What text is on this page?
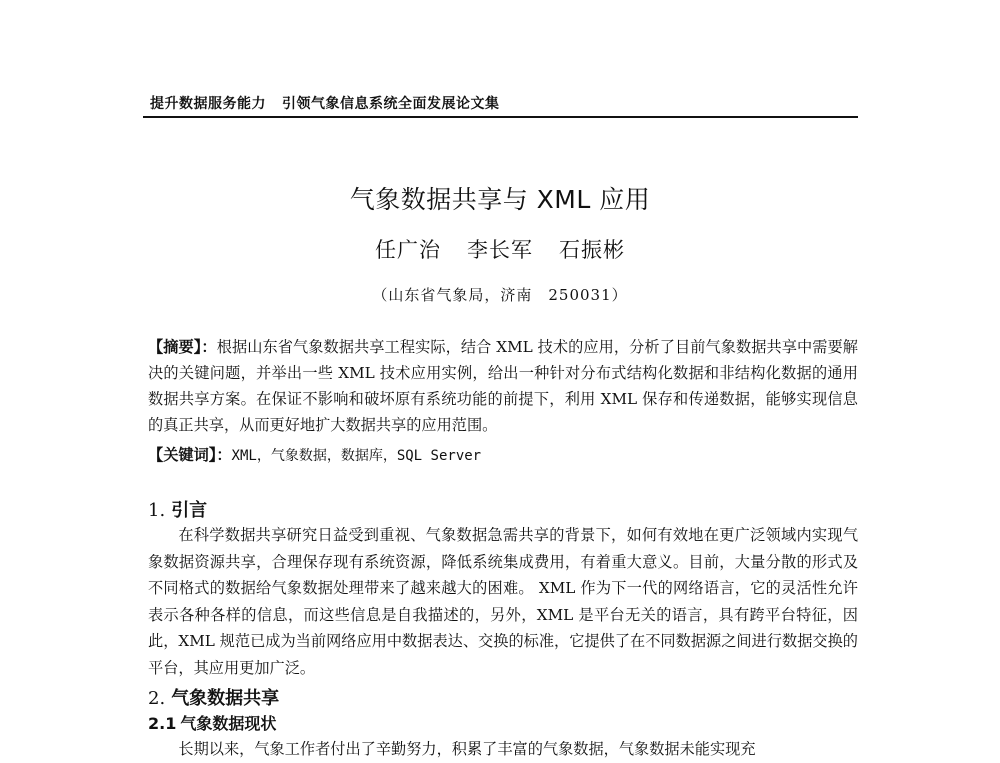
提升数据服务能力 引领气象信息系统全面发展论文集
气象数据共享与 XML 应用
任广治 李长军 石振彬
（山东省气象局，济南　250031）
【摘要】：根据山东省气象数据共享工程实际，结合 XML 技术的应用，分析了目前气象数据共享中需要解决的关键问题，并举出一些 XML 技术应用实例，给出一种针对分布式结构化数据和非结构化数据的通用数据共享方案。在保证不影响和破坏原有系统功能的前提下，利用 XML 保存和传递数据，能够实现信息的真正共享，从而更好地扩大数据共享的应用范围。
【关键词】：XML，气象数据，数据库，SQL Server
1. 引言
在科学数据共享研究日益受到重视、气象数据急需共享的背景下，如何有效地在更广泛领域内实现气象数据资源共享，合理保存现有系统资源，降低系统集成费用，有着重大意义。目前，大量分散的形式及不同格式的数据给气象数据处理带来了越来越大的困难。 XML 作为下一代的网络语言，它的灵活性允许表示各种各样的信息，而这些信息是自我描述的，另外，XML 是平台无关的语言，具有跨平台特征，因此，XML 规范已成为当前网络应用中数据表达、交换的标准，它提供了在不同数据源之间进行数据交换的平台，其应用更加广泛。
2. 气象数据共享
2.1 气象数据现状
长期以来，气象工作者付出了辛勤努力，积累了丰富的气象数据，气象数据未能实现充
